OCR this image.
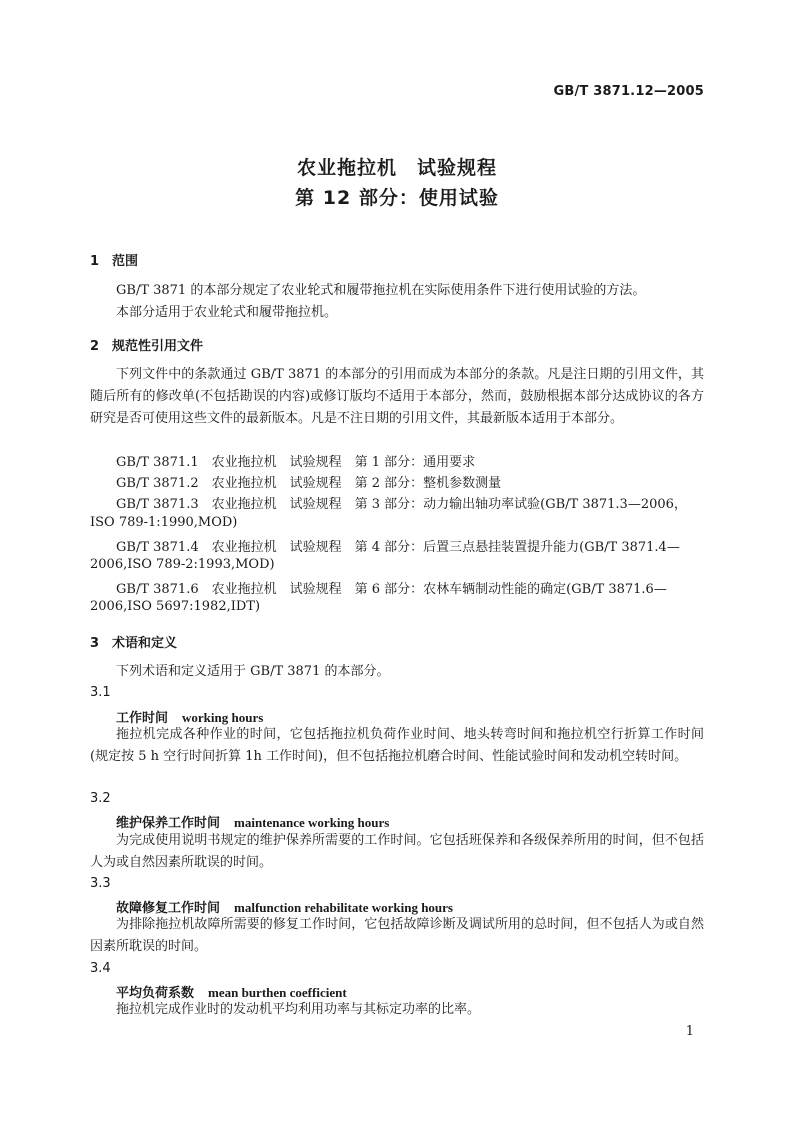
GB/T 3871.12—2005
农业拖拉机　试验规程
第 12 部分：使用试验
1 范围
GB/T 3871 的本部分规定了农业轮式和履带拖拉机在实际使用条件下进行使用试验的方法。
本部分适用于农业轮式和履带拖拉机。
2 规范性引用文件
下列文件中的条款通过 GB/T 3871 的本部分的引用而成为本部分的条款。凡是注日期的引用文件，其随后所有的修改单(不包括勘误的内容)或修订版均不适用于本部分，然而，鼓励根据本部分达成协议的各方研究是否可使用这些文件的最新版本。凡是不注日期的引用文件，其最新版本适用于本部分。
GB/T 3871.1　农业拖拉机　试验规程　第 1 部分：通用要求
GB/T 3871.2　农业拖拉机　试验规程　第 2 部分：整机参数测量
GB/T 3871.3　农业拖拉机　试验规程　第 3 部分：动力输出轴功率试验(GB/T 3871.3—2006，
ISO 789-1:1990,MOD)
GB/T 3871.4　农业拖拉机　试验规程　第 4 部分：后置三点悬挂装置提升能力(GB/T 3871.4—
2006,ISO 789-2:1993,MOD)
GB/T 3871.6　农业拖拉机　试验规程　第 6 部分：农林车辆制动性能的确定(GB/T 3871.6—
2006,ISO 5697:1982,IDT)
3 术语和定义
下列术语和定义适用于 GB/T 3871 的本部分。
3.1
工作时间 working hours
拖拉机完成各种作业的时间，它包括拖拉机负荷作业时间、地头转弯时间和拖拉机空行折算工作时间(规定按 5 h 空行时间折算 1h 工作时间)，但不包括拖拉机磨合时间、性能试验时间和发动机空转时间。
3.2
维护保养工作时间 maintenance working hours
为完成使用说明书规定的维护保养所需要的工作时间。它包括班保养和各级保养所用的时间，但不包括人为或自然因素所耽误的时间。
3.3
故障修复工作时间 malfunction rehabilitate working hours
为排除拖拉机故障所需要的修复工作时间，它包括故障诊断及调试所用的总时间，但不包括人为或自然因素所耽误的时间。
3.4
平均负荷系数 mean burthen coefficient
拖拉机完成作业时的发动机平均利用功率与其标定功率的比率。
1
